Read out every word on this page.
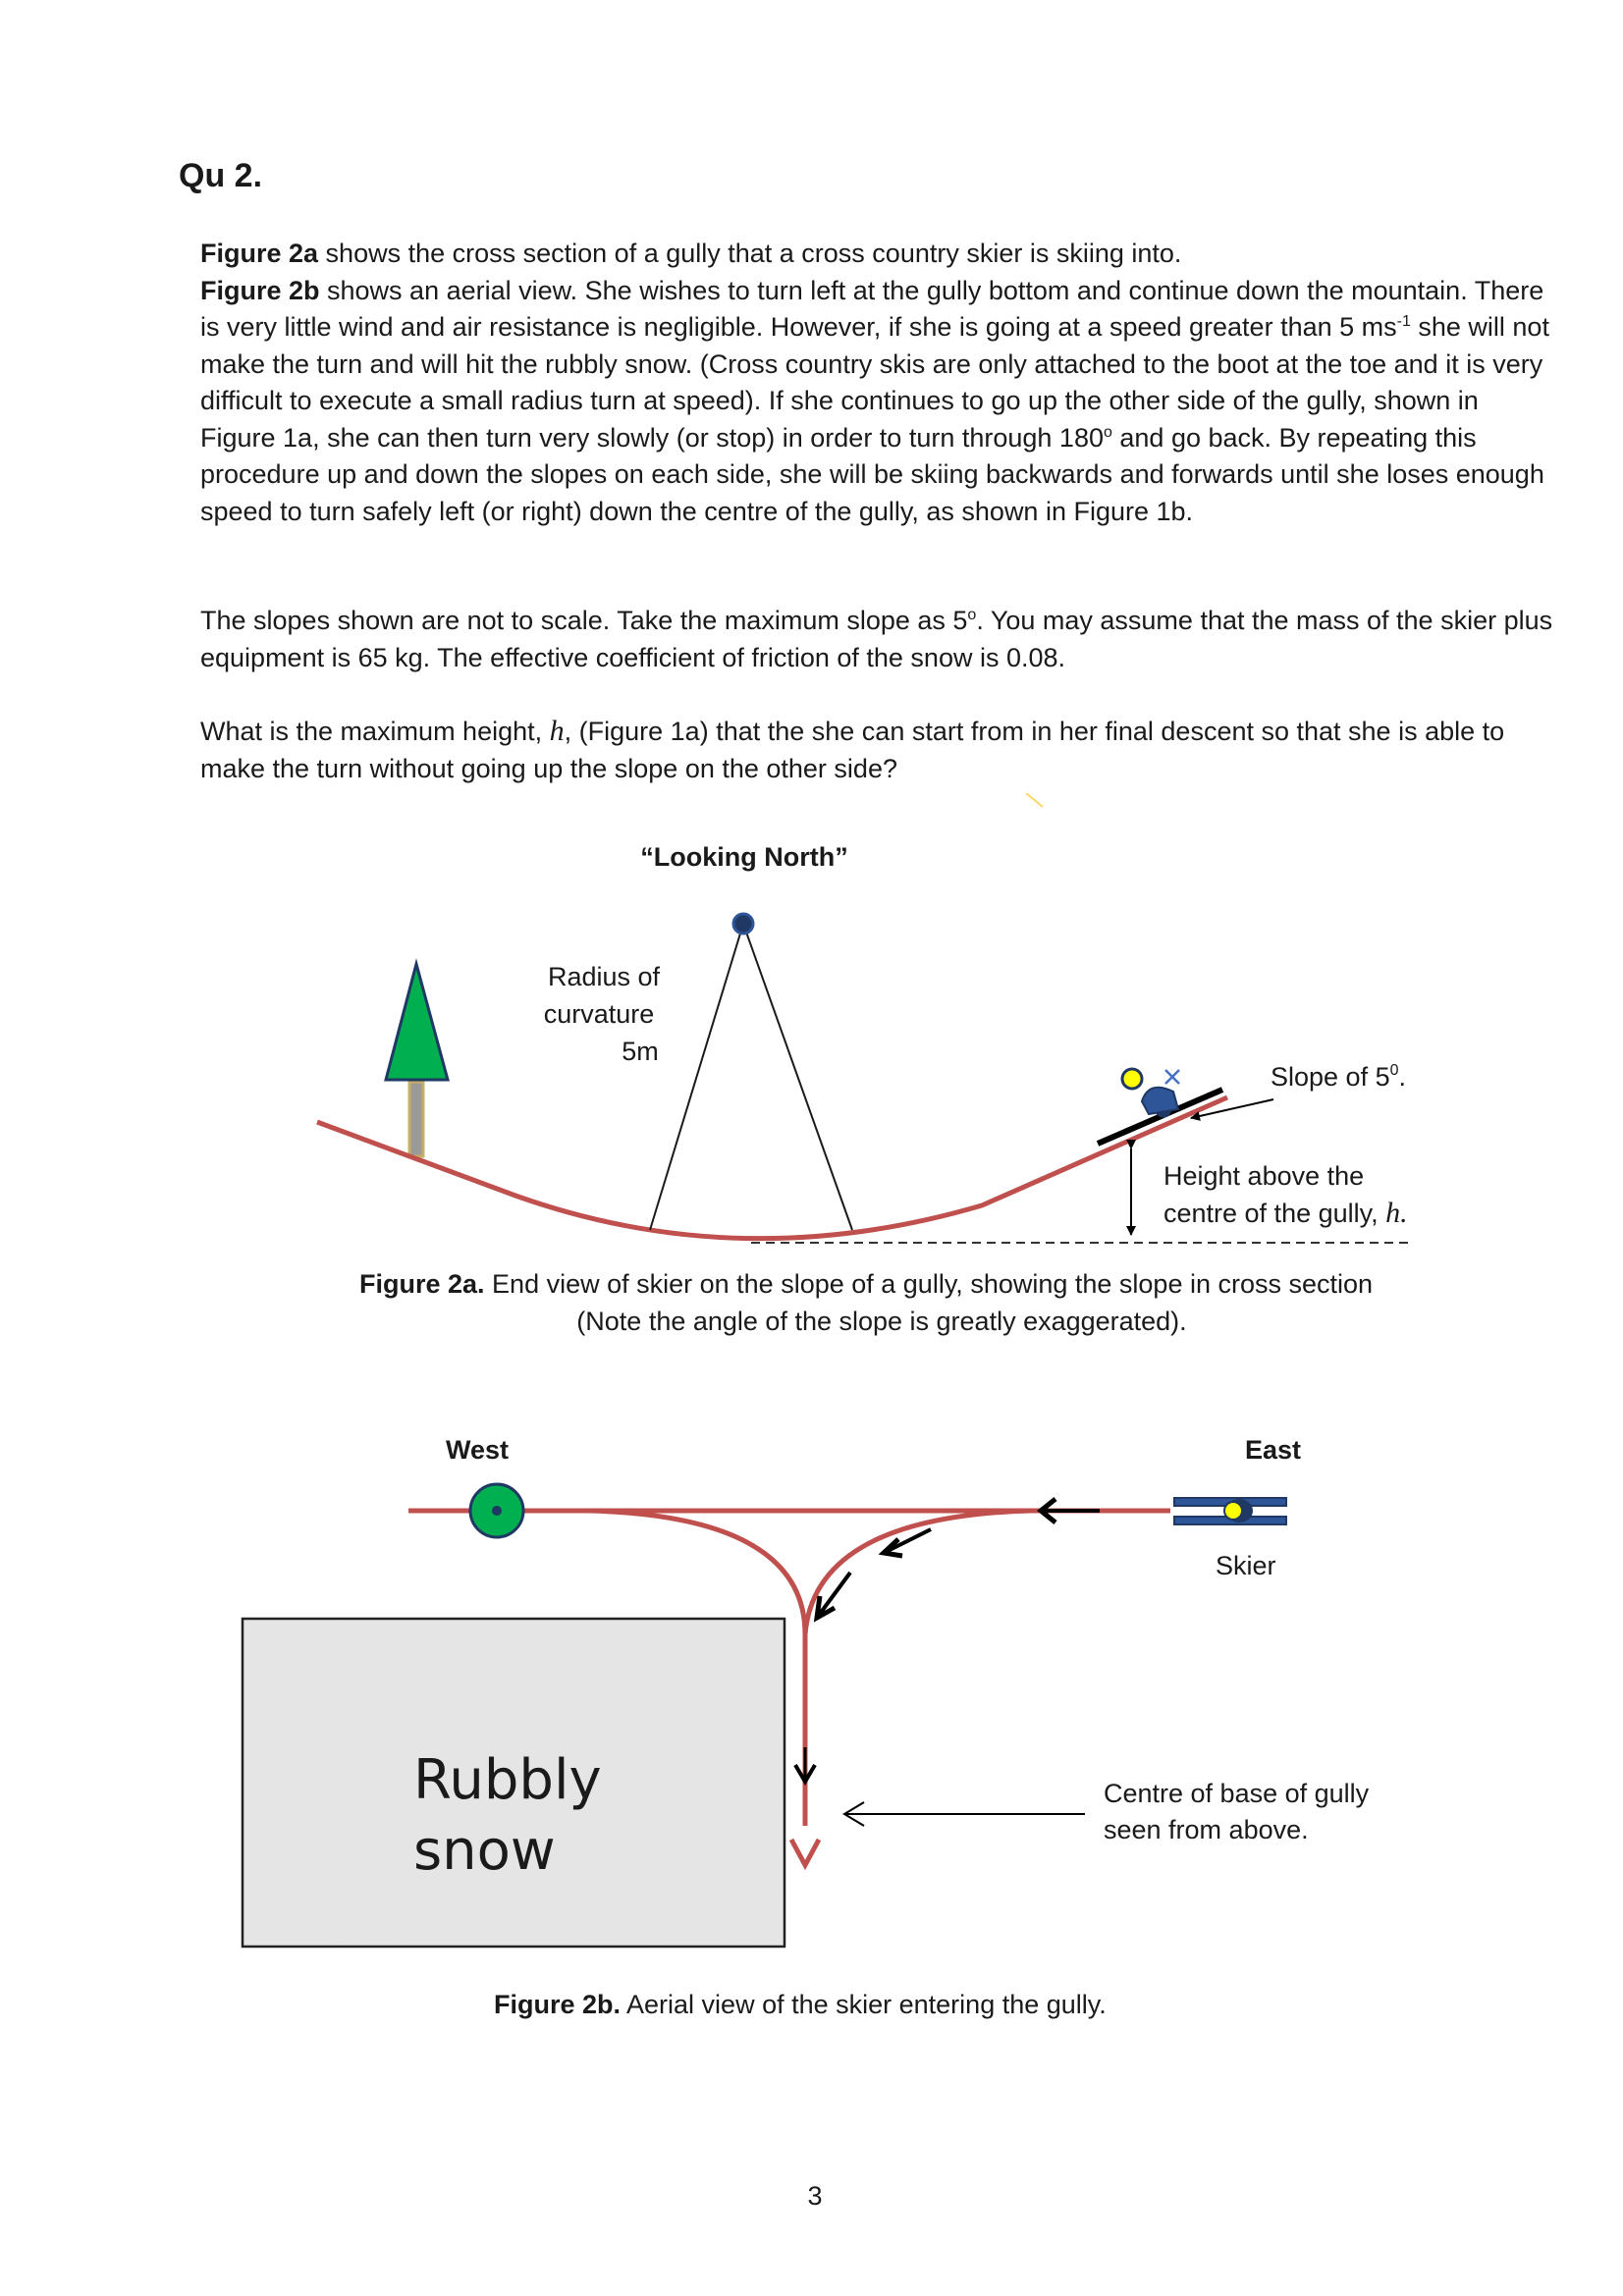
Qu 2.

Figure 2a shows the cross section of a gully that a cross country skier is skiing into.
Figure 2b shows an aerial view. She wishes to turn left at the gully bottom and continue down the mountain. There is very little wind and air resistance is negligible. However, if she is going at a speed greater than 5 $ms^{-1}$ she will not make the turn and will hit the rubbly snow. (Cross country skis are only attached to the boot at the toe and it is very difficult to execute a small radius turn at speed). If she continues to go up the other side of the gully, shown in Figure 1a, she can then turn very slowly (or stop) in order to turn through 180$^o$ and go back. By repeating this procedure up and down the slopes on each side, she will be skiing backwards and forwards until she loses enough speed to turn safely left (or right) down the centre of the gully, as shown in Figure 1b.

The slopes shown are not to scale. Take the maximum slope as 5$^o$. You may assume that the mass of the skier plus equipment is 65 kg. The effective coefficient of friction of the snow is 0.08.

What is the maximum height, h, (Figure 1a) that the she can start from in her final descent so that she is able to make the turn without going up the slope on the other side?

“Looking North”
Radius of
curvature
5m
Slope of $5^0$.
Height above the
centre of the gully, h.
Figure 2a. End view of skier on the slope of a gully, showing the slope in cross section
(Note the angle of the slope is greatly exaggerated).
West	East
Rubbly
snow
Skier
Centre of base of gully
seen from above.
Figure 2b. Aerial view of the skier entering the gully.
3
